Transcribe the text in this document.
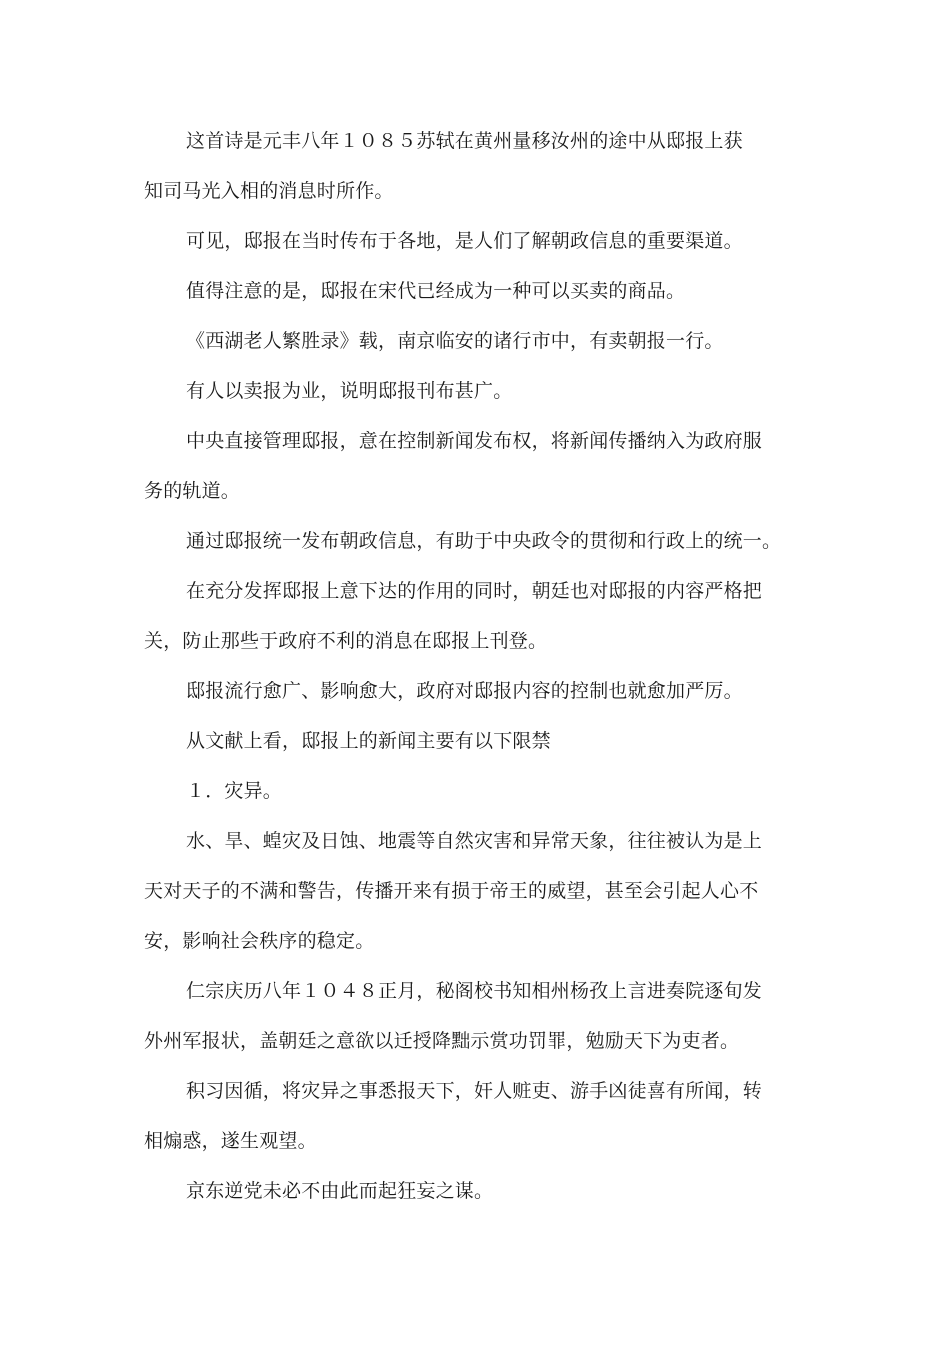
这首诗是元丰八年１０８５苏轼在黄州量移汝州的途中从邸报上获
知司马光入相的消息时所作。
可见，邸报在当时传布于各地，是人们了解朝政信息的重要渠道。
值得注意的是，邸报在宋代已经成为一种可以买卖的商品。
《西湖老人繁胜录》载，南京临安的诸行市中，有卖朝报一行。
有人以卖报为业，说明邸报刊布甚广。
中央直接管理邸报，意在控制新闻发布权，将新闻传播纳入为政府服
务的轨道。
通过邸报统一发布朝政信息，有助于中央政令的贯彻和行政上的统一。
在充分发挥邸报上意下达的作用的同时，朝廷也对邸报的内容严格把
关，防止那些于政府不利的消息在邸报上刊登。
邸报流行愈广、影响愈大，政府对邸报内容的控制也就愈加严厉。
从文献上看，邸报上的新闻主要有以下限禁
１．灾异。
水、旱、蝗灾及日蚀、地震等自然灾害和异常天象，往往被认为是上
天对天子的不满和警告，传播开来有损于帝王的威望，甚至会引起人心不
安，影响社会秩序的稳定。
仁宗庆历八年１０４８正月，秘阁校书知相州杨孜上言进奏院逐旬发
外州军报状，盖朝廷之意欲以迁授降黜示赏功罚罪，勉励天下为吏者。
积习因循，将灾异之事悉报天下，奸人赃吏、游手凶徒喜有所闻，转
相煽惑，遂生观望。
京东逆党未必不由此而起狂妄之谋。
